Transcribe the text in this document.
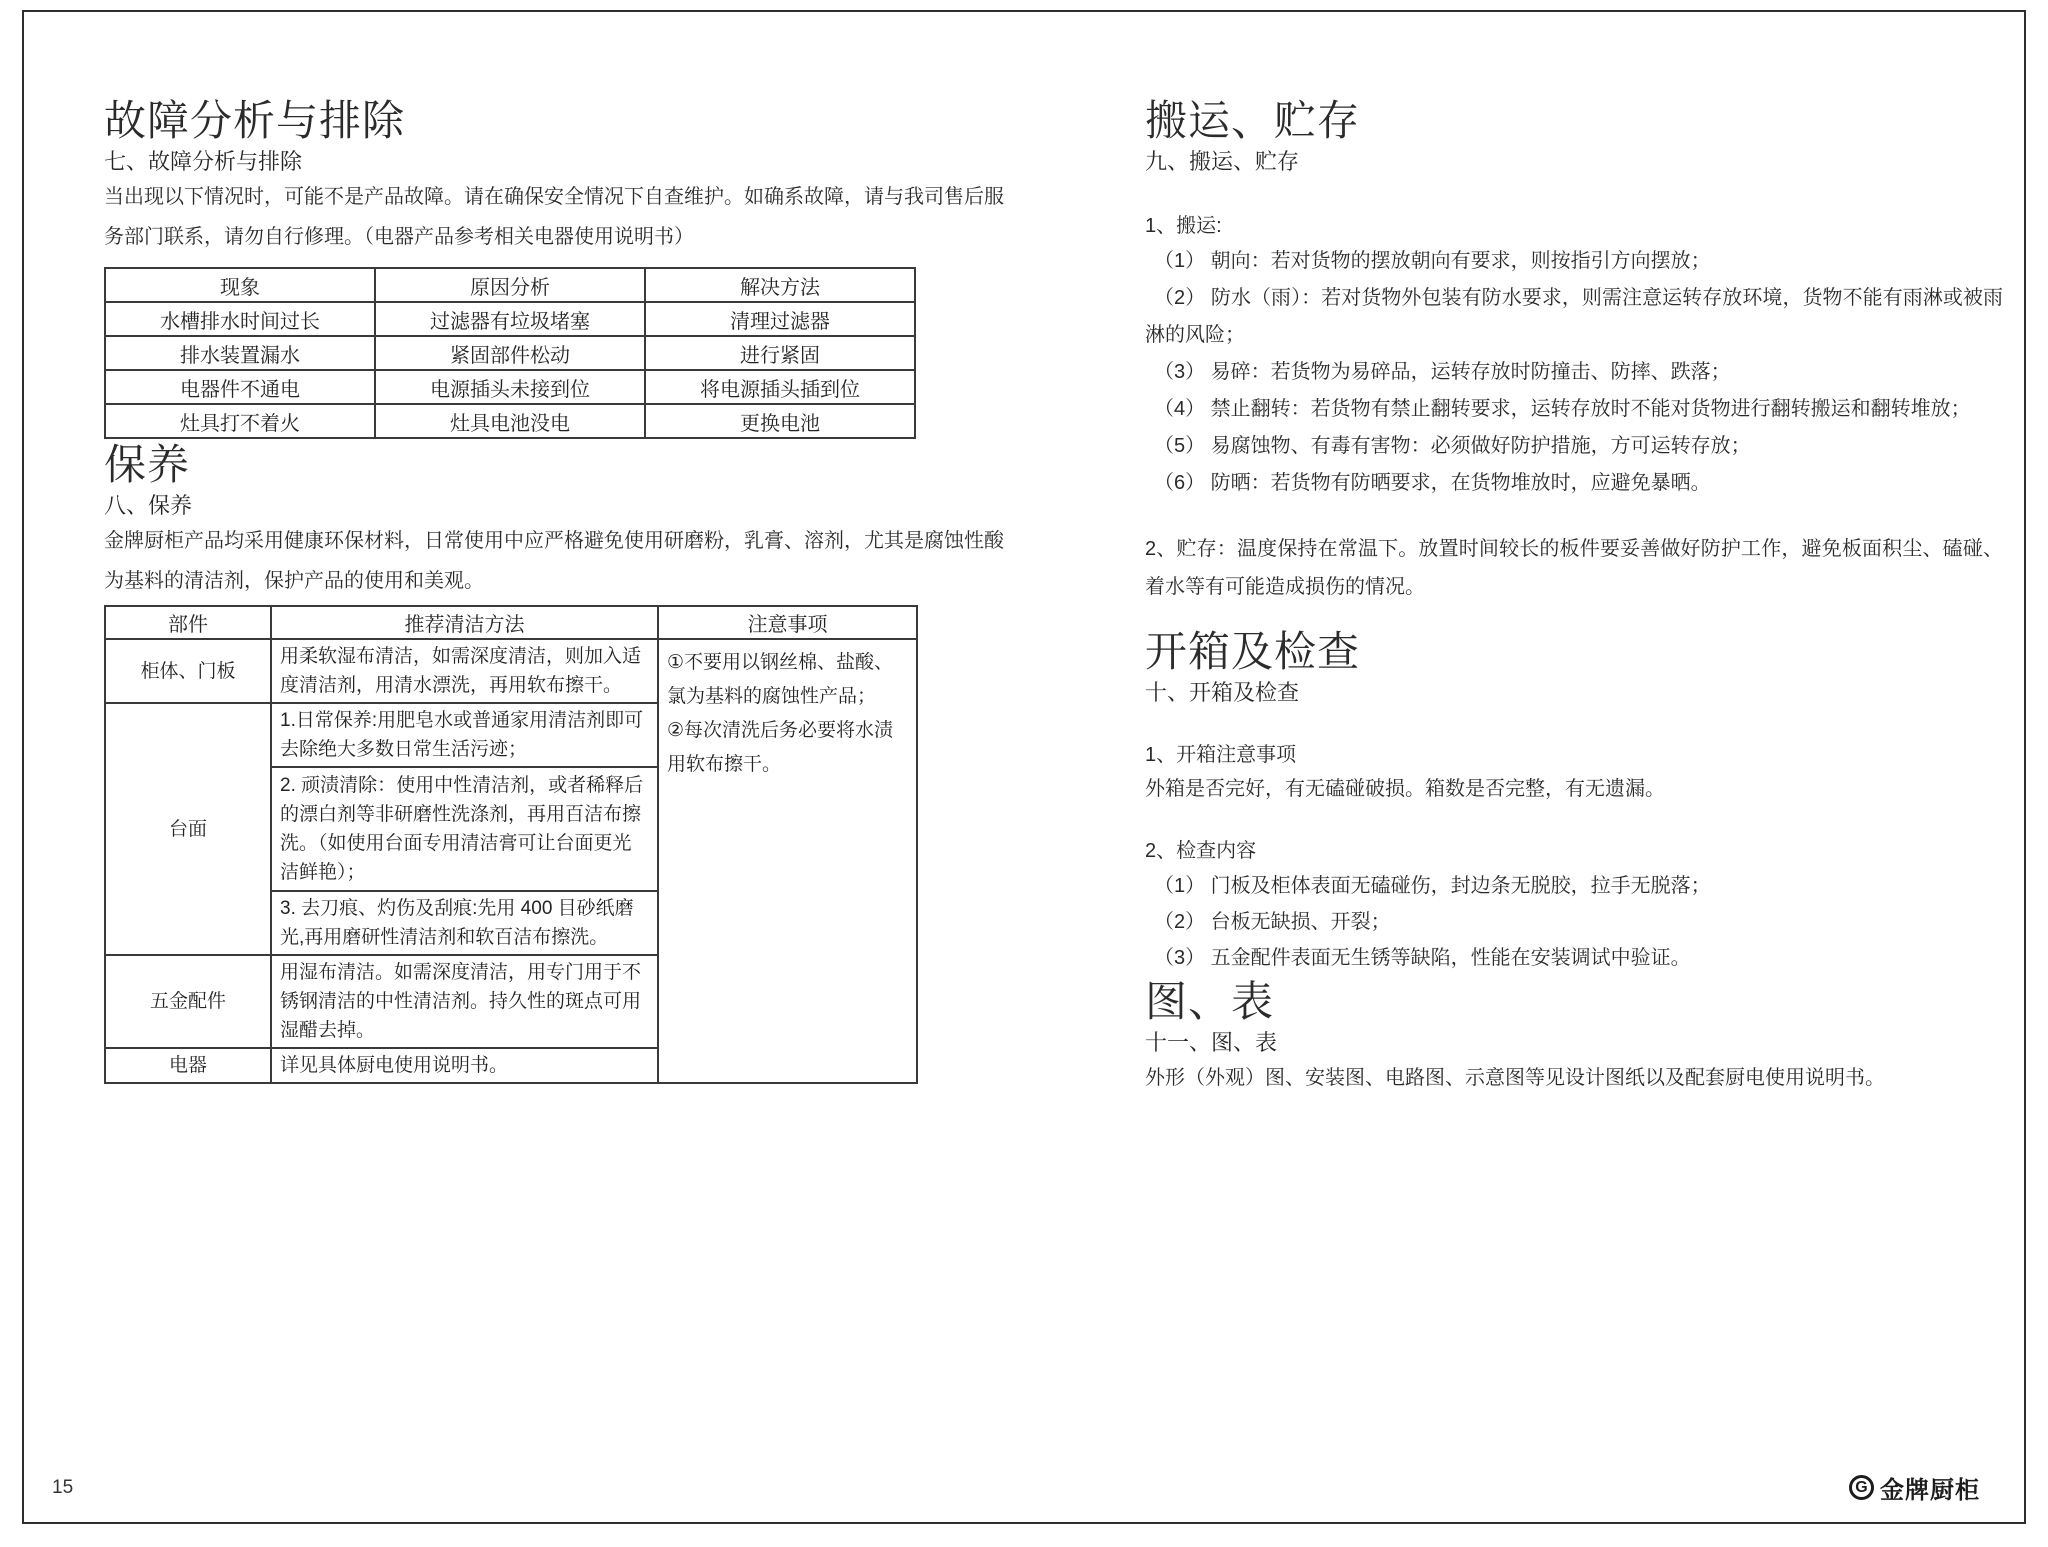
故障分析与排除
七、故障分析与排除

当出现以下情况时，可能不是产品故障。请在确保安全情况下自查维护。如确系故障，请与我司售后服务部门联系，请勿自行修理。（电器产品参考相关电器使用说明书）

现象	原因分析	解决方法
水槽排水时间过长	过滤器有垃圾堵塞	清理过滤器
排水装置漏水	紧固部件松动	进行紧固
电器件不通电	电源插头未接到位	将电源插头插到位
灶具打不着火	灶具电池没电	更换电池
保养
八、保养

金牌厨柜产品均采用健康环保材料，日常使用中应严格避免使用研磨粉，乳膏、溶剂，尤其是腐蚀性酸为基料的清洁剂，保护产品的使用和美观。

部件	推荐清洁方法	注意事项
柜体、门板	用柔软湿布清洁，如需深度清洁，则加入适度清洁剂，用清水漂洗，再用软布擦干。	①不要用以钢丝棉、盐酸、氯为基料的腐蚀性产品；
②每次清洗后务必要将水渍用软布擦干。

台面	1.日常保养:用肥皂水或普通家用清洁剂即可去除绝大多数日常生活污迹；	
	2. 顽渍清除：使用中性清洁剂，或者稀释后的漂白剂等非研磨性洗涤剂，再用百洁布擦洗。（如使用台面专用清洁膏可让台面更光洁鲜艳）；	
	3. 去刀痕、灼伤及刮痕:先用 400 目砂纸磨光,再用磨研性清洁剂和软百洁布擦洗。	
五金配件	用湿布清洁。如需深度清洁，用专门用于不锈钢清洁的中性清洁剂。持久性的斑点可用湿醋去掉。	
电器	详见具体厨电使用说明书。	
搬运、贮存
九、搬运、贮存
1、搬运:
（1） 朝向：若对货物的摆放朝向有要求，则按指引方向摆放；
（2） 防水（雨）：若对货物外包装有防水要求，则需注意运转存放环境，货物不能有雨淋或被雨淋的风险；
（3） 易碎：若货物为易碎品，运转存放时防撞击、防摔、跌落；
（4） 禁止翻转：若货物有禁止翻转要求，运转存放时不能对货物进行翻转搬运和翻转堆放；
（5） 易腐蚀物、有毒有害物：必须做好防护措施，方可运转存放；
（6） 防晒：若货物有防晒要求，在货物堆放时，应避免暴晒。

2、贮存：温度保持在常温下。放置时间较长的板件要妥善做好防护工作，避免板面积尘、磕碰、着水等有可能造成损伤的情况。

开箱及检查
十、开箱及检查
1、开箱注意事项
外箱是否完好，有无磕碰破损。箱数是否完整，有无遗漏。
2、检查内容
（1） 门板及柜体表面无磕碰伤，封边条无脱胶，拉手无脱落；
（2） 台板无缺损、开裂；
（3） 五金配件表面无生锈等缺陷，性能在安装调试中验证。
图、表
十一、图、表

外形（外观）图、安装图、电路图、示意图等见设计图纸以及配套厨电使用说明书。

15	G 金牌厨柜
